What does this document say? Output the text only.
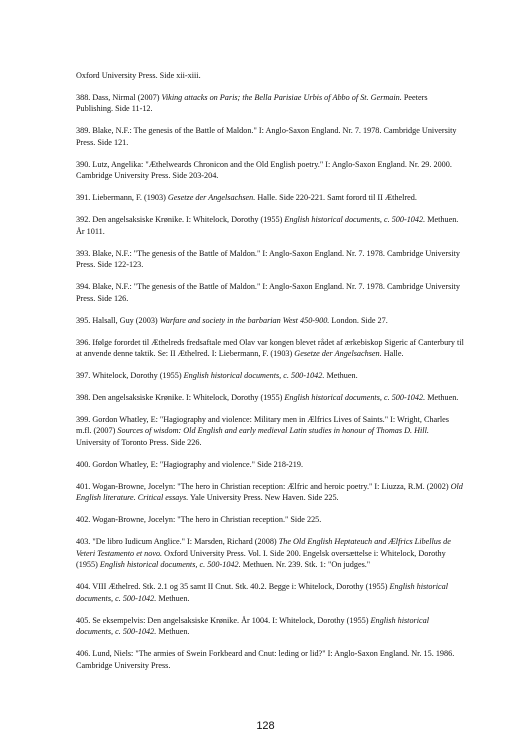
Oxford University Press. Side xii-xiii.

388. Dass, Nirmal (2007) Viking attacks on Paris; the Bella Parisiae Urbis of Abbo of St. Germain. Peeters Publishing. Side 11-12.

389. Blake, N.F.: The genesis of the Battle of Maldon." I: Anglo-Saxon England. Nr. 7. 1978. Cambridge University Press. Side 121.

390. Lutz, Angelika: "Æthelweards Chronicon and the Old English poetry." I: Anglo-Saxon England. Nr. 29. 2000. Cambridge University Press. Side 203-204.

391. Liebermann, F. (1903) Gesetze der Angelsachsen. Halle. Side 220-221. Samt forord til II Æthelred.

392. Den angelsaksiske Krønike. I: Whitelock, Dorothy (1955) English historical documents, c. 500-1042. Methuen. År 1011.

393. Blake, N.F.: "The genesis of the Battle of Maldon." I: Anglo-Saxon England. Nr. 7. 1978. Cambridge University Press. Side 122-123.

394. Blake, N.F.: "The genesis of the Battle of Maldon." I: Anglo-Saxon England. Nr. 7. 1978. Cambridge University Press. Side 126.

395. Halsall, Guy (2003) Warfare and society in the barbarian West 450-900. London. Side 27.

396. Ifølge forordet til Æthelreds fredsaftale med Olav var kongen blevet rådet af ærkebiskop Sigeric af Canterbury til at anvende denne taktik. Se: II Æthelred. I: Liebermann, F. (1903) Gesetze der Angelsachsen. Halle.

397. Whitelock, Dorothy (1955) English historical documents, c. 500-1042. Methuen.

398. Den angelsaksiske Krønike. I: Whitelock, Dorothy (1955) English historical documents, c. 500-1042. Methuen.

399. Gordon Whatley, E: "Hagiography and violence: Military men in Ælfrics Lives of Saints." I: Wright, Charles m.fl. (2007) Sources of wisdom: Old English and early medieval Latin studies in honour of Thomas D. Hill. University of Toronto Press. Side 226.

400. Gordon Whatley, E: "Hagiography and violence." Side 218-219.

401. Wogan-Browne, Jocelyn: "The hero in Christian reception: Ælfric and heroic poetry." I: Liuzza, R.M. (2002) Old English literature. Critical essays. Yale University Press. New Haven. Side 225.

402. Wogan-Browne, Jocelyn: "The hero in Christian reception." Side 225.

403. "De libro Iudicum Anglice." I: Marsden, Richard (2008) The Old English Heptateuch and Ælfrics Libellus de Veteri Testamento et novo. Oxford University Press. Vol. I. Side 200. Engelsk oversættelse i: Whitelock, Dorothy (1955) English historical documents, c. 500-1042. Methuen. Nr. 239. Stk. 1: "On judges."

404. VIII Æthelred. Stk. 2.1 og 35 samt II Cnut. Stk. 40.2. Begge i: Whitelock, Dorothy (1955) English historical documents, c. 500-1042. Methuen.

405. Se eksempelvis: Den angelsaksiske Krønike. År 1004. I: Whitelock, Dorothy (1955) English historical documents, c. 500-1042. Methuen.

406. Lund, Niels: "The armies of Swein Forkbeard and Cnut: leding or lid?" I: Anglo-Saxon England. Nr. 15. 1986. Cambridge University Press.

128
